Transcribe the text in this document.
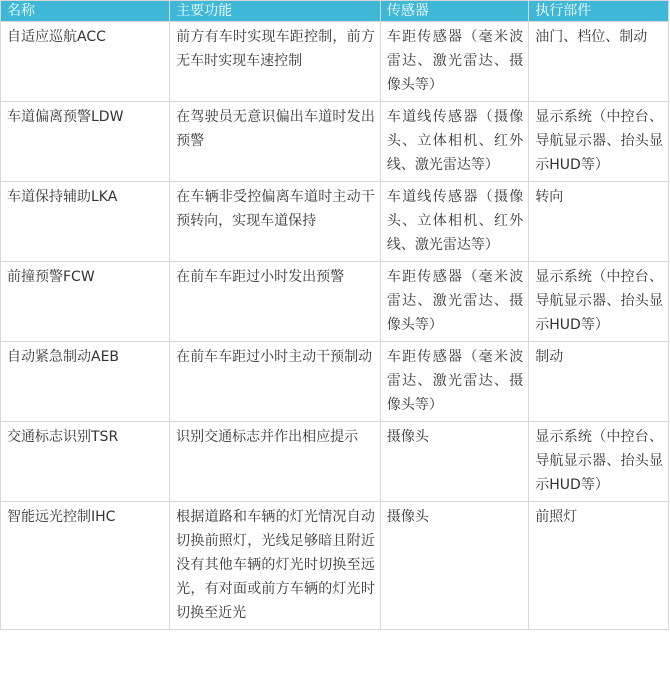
名称	主要功能	传感器	执行部件
自适应巡航ACC	前方有车时实现车距控制，前方无车时实现车速控制	车距传感器（毫米波雷达、激光雷达、摄像头等）	油门、档位、制动
车道偏离预警LDW	在驾驶员无意识偏出车道时发出预警	车道线传感器（摄像头、立体相机、红外线、激光雷达等）	显示系统（中控台、导航显示器、抬头显示HUD等）
车道保持辅助LKA	在车辆非受控偏离车道时主动干预转向，实现车道保持	车道线传感器（摄像头、立体相机、红外线、激光雷达等）	转向
前撞预警FCW	在前车车距过小时发出预警	车距传感器（毫米波雷达、激光雷达、摄像头等）	显示系统（中控台、导航显示器、抬头显示HUD等）
自动紧急制动AEB	在前车车距过小时主动干预制动	车距传感器（毫米波雷达、激光雷达、摄像头等）	制动
交通标志识别TSR	识别交通标志并作出相应提示	摄像头	显示系统（中控台、导航显示器、抬头显示HUD等）
智能远光控制IHC	根据道路和车辆的灯光情况自动切换前照灯，光线足够暗且附近没有其他车辆的灯光时切换至远光，有对面或前方车辆的灯光时切换至近光	摄像头	前照灯
